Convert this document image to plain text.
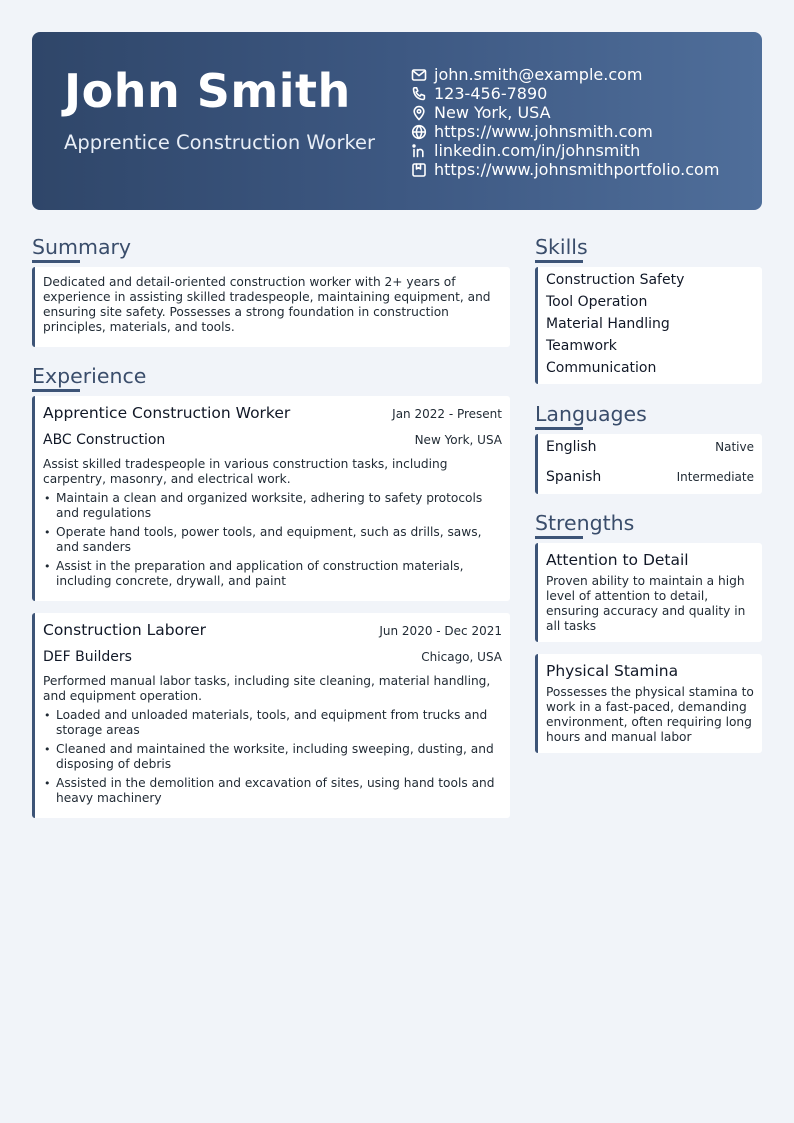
John Smith
Apprentice Construction Worker
john.smith@example.com
123-456-7890
New York, USA
https://www.johnsmith.com
linkedin.com/in/johnsmith
https://www.johnsmithportfolio.com
Summary
Dedicated and detail-oriented construction worker with 2+ years of experience in assisting skilled tradespeople, maintaining equipment, and ensuring site safety. Possesses a strong foundation in construction principles, materials, and tools.
Experience
Apprentice Construction Worker	Jan 2022 - Present
ABC Construction	New York, USA
Assist skilled tradespeople in various construction tasks, including carpentry, masonry, and electrical work.
• Maintain a clean and organized worksite, adhering to safety protocols and regulations
• Operate hand tools, power tools, and equipment, such as drills, saws, and sanders
• Assist in the preparation and application of construction materials, including concrete, drywall, and paint
Construction Laborer	Jun 2020 - Dec 2021
DEF Builders	Chicago, USA
Performed manual labor tasks, including site cleaning, material handling, and equipment operation.
• Loaded and unloaded materials, tools, and equipment from trucks and storage areas
• Cleaned and maintained the worksite, including sweeping, dusting, and disposing of debris
• Assisted in the demolition and excavation of sites, using hand tools and heavy machinery
Skills
Construction Safety
Tool Operation
Material Handling
Teamwork
Communication
Languages
English	Native
Spanish	Intermediate
Strengths
Attention to Detail
Proven ability to maintain a high level of attention to detail, ensuring accuracy and quality in all tasks
Physical Stamina
Possesses the physical stamina to work in a fast-paced, demanding environment, often requiring long hours and manual labor
